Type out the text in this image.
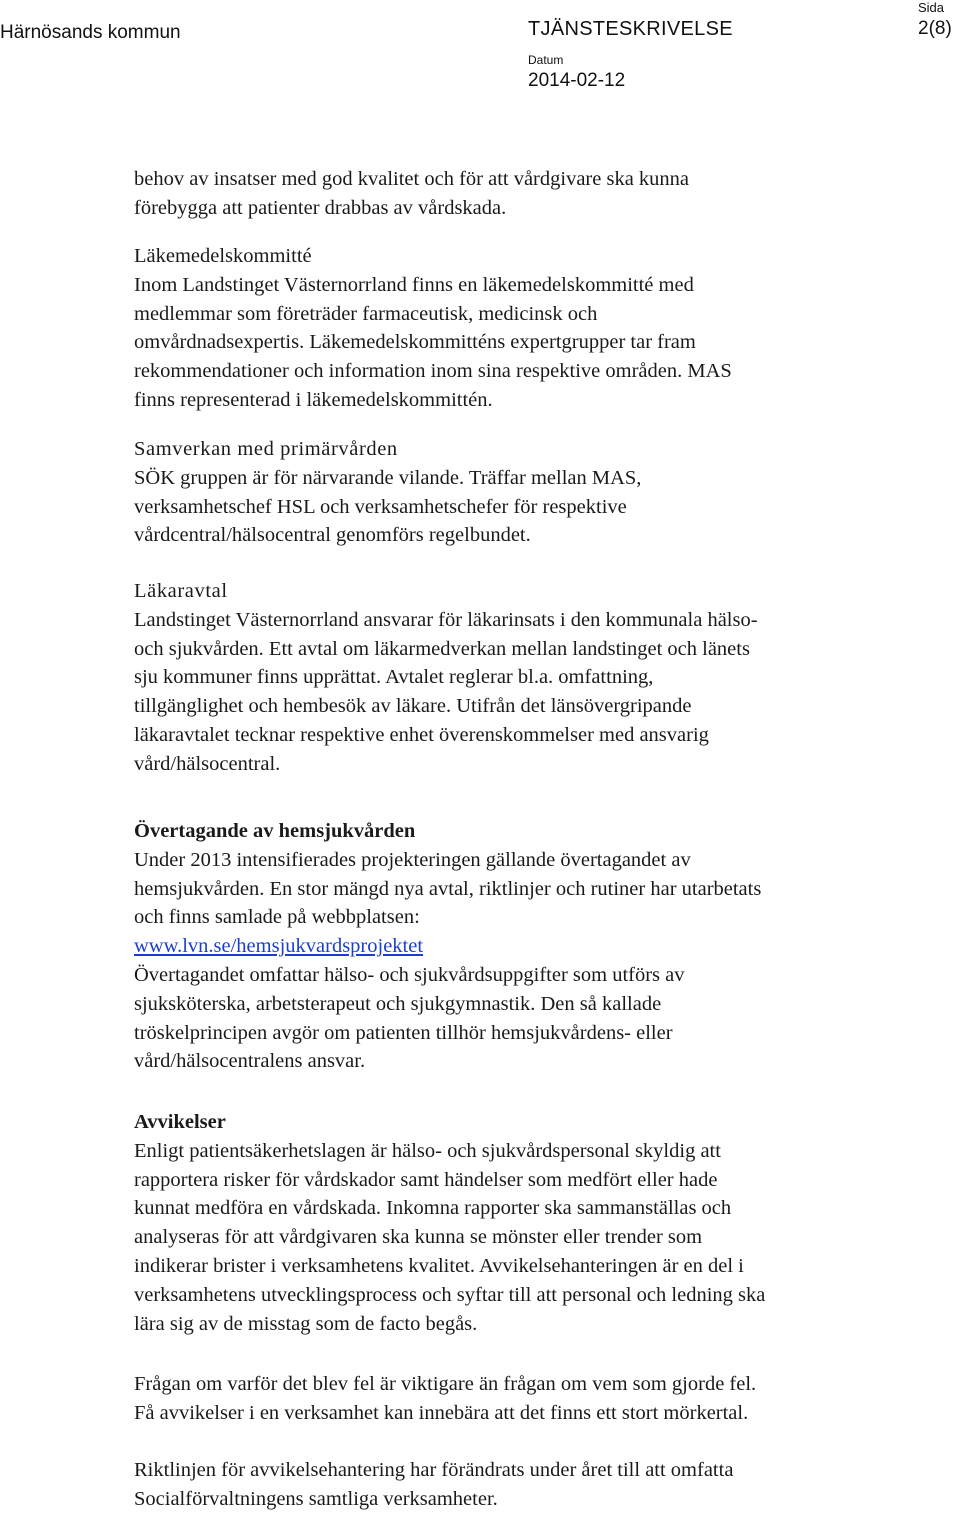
Härnösands kommun	TJÄNSTESKRIVELSE
Datum
2014-02-12
Sida
2(8)
behov av insatser med god kvalitet och för att vårdgivare ska kunna
förebygga att patienter drabbas av vårdskada.
Läkemedelskommitté
Inom Landstinget Västernorrland finns en läkemedelskommitté med
medlemmar som företräder farmaceutisk, medicinsk och
omvårdnadsexpertis. Läkemedelskommitténs expertgrupper tar fram
rekommendationer och information inom sina respektive områden. MAS
finns representerad i läkemedelskommittén.
Samverkan med primärvården
SÖK gruppen är för närvarande vilande. Träffar mellan MAS,
verksamhetschef HSL och verksamhetschefer för respektive
vårdcentral/hälsocentral genomförs regelbundet.
Läkaravtal
Landstinget Västernorrland ansvarar för läkarinsats i den kommunala hälso-
och sjukvården. Ett avtal om läkarmedverkan mellan landstinget och länets
sju kommuner finns upprättat. Avtalet reglerar bl.a. omfattning,
tillgänglighet och hembesök av läkare. Utifrån det länsövergripande
läkaravtalet tecknar respektive enhet överenskommelser med ansvarig
vård/hälsocentral.
Övertagande av hemsjukvården
Under 2013 intensifierades projekteringen gällande övertagandet av
hemsjukvården. En stor mängd nya avtal, riktlinjer och rutiner har utarbetats
och finns samlade på webbplatsen:
www.lvn.se/hemsjukvardsprojektet
Övertagandet omfattar hälso- och sjukvårdsuppgifter som utförs av
sjuksköterska, arbetsterapeut och sjukgymnastik. Den så kallade
tröskelprincipen avgör om patienten tillhör hemsjukvårdens- eller
vård/hälsocentralens ansvar.
Avvikelser
Enligt patientsäkerhetslagen är hälso- och sjukvårdspersonal skyldig att
rapportera risker för vårdskador samt händelser som medfört eller hade
kunnat medföra en vårdskada. Inkomna rapporter ska sammanställas och
analyseras för att vårdgivaren ska kunna se mönster eller trender som
indikerar brister i verksamhetens kvalitet. Avvikelsehanteringen är en del i
verksamhetens utvecklingsprocess och syftar till att personal och ledning ska
lära sig av de misstag som de facto begås.
Frågan om varför det blev fel är viktigare än frågan om vem som gjorde fel.
Få avvikelser i en verksamhet kan innebära att det finns ett stort mörkertal.
Riktlinjen för avvikelsehantering har förändrats under året till att omfatta
Socialförvaltningens samtliga verksamheter.
